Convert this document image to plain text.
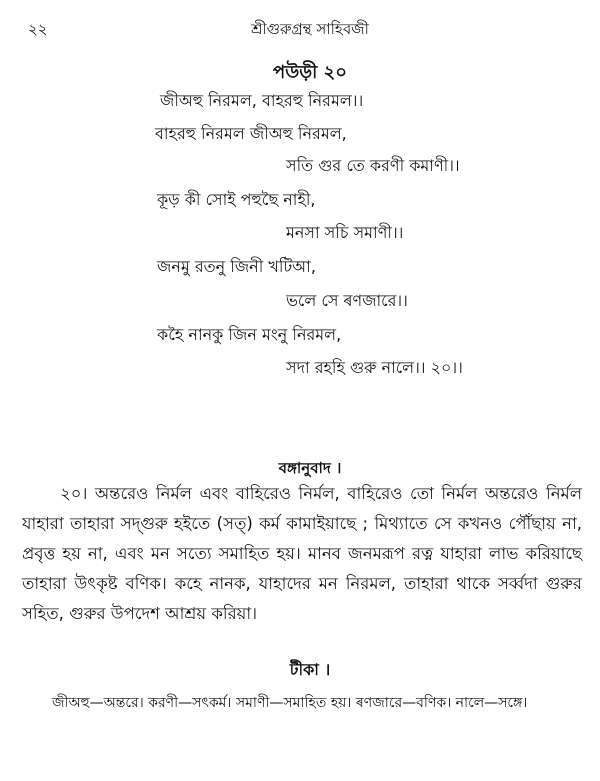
২২	শ্রীগুরুগ্রন্থ সাহিবজী
পউড়ী ২০
জীঅহু নিরমল, বাহরহু নিরমল।।
বাহরহু নিরমল জীঅহু নিরমল,
সতি গুর তে করণী কমাণী।।
কূড় কী সোই পহুছৈ নাহী,
মনসা সচি সমাণী।।
জনমু রতনু জিনী খটিআ,
ভলে সে ৰণজারে।।
কহৈ নানকু জিন মংনু নিরমল,
সদা রহহি গুরু নালে।। ২০।।
বঙ্গানুবাদ ।
২০। অন্তরেও নির্মল এবং বাহিরেও নির্মল, বাহিরেও তো নির্মল অন্তরেও নির্মল যাহারা তাহারা সদ্‌গুরু হইতে (সত্) কর্ম কামাইয়াছে ; মিথ্যাতে সে কখনও পৌঁছায় না, প্রবৃত্ত হয় না, এবং মন সত্যে সমাহিত হয়। মানব জনমরূপ রত্ন যাহারা লাভ করিয়াছে তাহারা উৎকৃষ্ট বণিক। কহে নানক, যাহাদের মন নিরমল, তাহারা থাকে সর্ব্বদা গুরুর সহিত, গুরুর উপদেশ আশ্রয় করিয়া।
টীকা ।
জীঅহু—অন্তরে। করণী—সৎকর্ম। সমাণী—সমাহিত হয়। ৰণজারে—বণিক। নালে—সঙ্গে।
